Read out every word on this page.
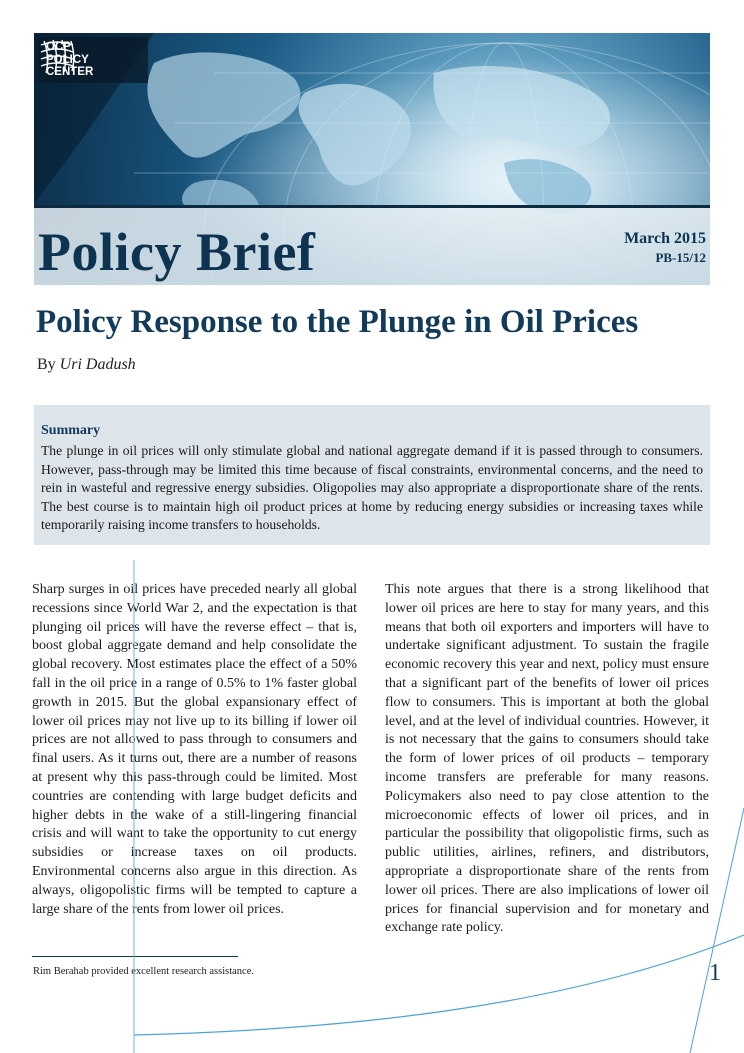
OCP
POLICY
CENTER
Policy Brief	March 2015
PB-15/12
Policy Response to the Plunge in Oil Prices
By Uri Dadush
Summary

The plunge in oil prices will only stimulate global and national aggregate demand if it is passed through to consumers. However, pass-through may be limited this time because of fiscal constraints, environmental concerns, and the need to rein in wasteful and regressive energy subsidies. Oligopolies may also appropriate a disproportionate share of the rents. The best course is to maintain high oil product prices at home by reducing energy subsidies or increasing taxes while temporarily raising income transfers to households.

Sharp surges in oil prices have preceded nearly all global recessions since World War 2, and the expectation is that plunging oil prices will have the reverse effect – that is, boost global aggregate demand and help consolidate the global recovery. Most estimates place the effect of a 50% fall in the oil price in a range of 0.5% to 1% faster global growth in 2015. But the global expansionary effect of lower oil prices may not live up to its billing if lower oil prices are not allowed to pass through to consumers and final users. As it turns out, there are a number of reasons at present why this pass-through could be limited. Most countries are contending with large budget deficits and higher debts in the wake of a still-lingering financial crisis and will want to take the opportunity to cut energy subsidies or increase taxes on oil products. Environmental concerns also argue in this direction. As always, oligopolistic firms will be tempted to capture a large share of the rents from lower oil prices.

This note argues that there is a strong likelihood that lower oil prices are here to stay for many years, and this means that both oil exporters and importers will have to undertake significant adjustment. To sustain the fragile economic recovery this year and next, policy must ensure that a significant part of the benefits of lower oil prices flow to consumers. This is important at both the global level, and at the level of individual countries. However, it is not necessary that the gains to consumers should take the form of lower prices of oil products – temporary income transfers are preferable for many reasons. Policymakers also need to pay close attention to the microeconomic effects of lower oil prices, and in particular the possibility that oligopolistic firms, such as public utilities, airlines, refiners, and distributors, appropriate a disproportionate share of the rents from lower oil prices. There are also implications of lower oil prices for financial supervision and for monetary and exchange rate policy.

Rim Berahab provided excellent research assistance.	1
